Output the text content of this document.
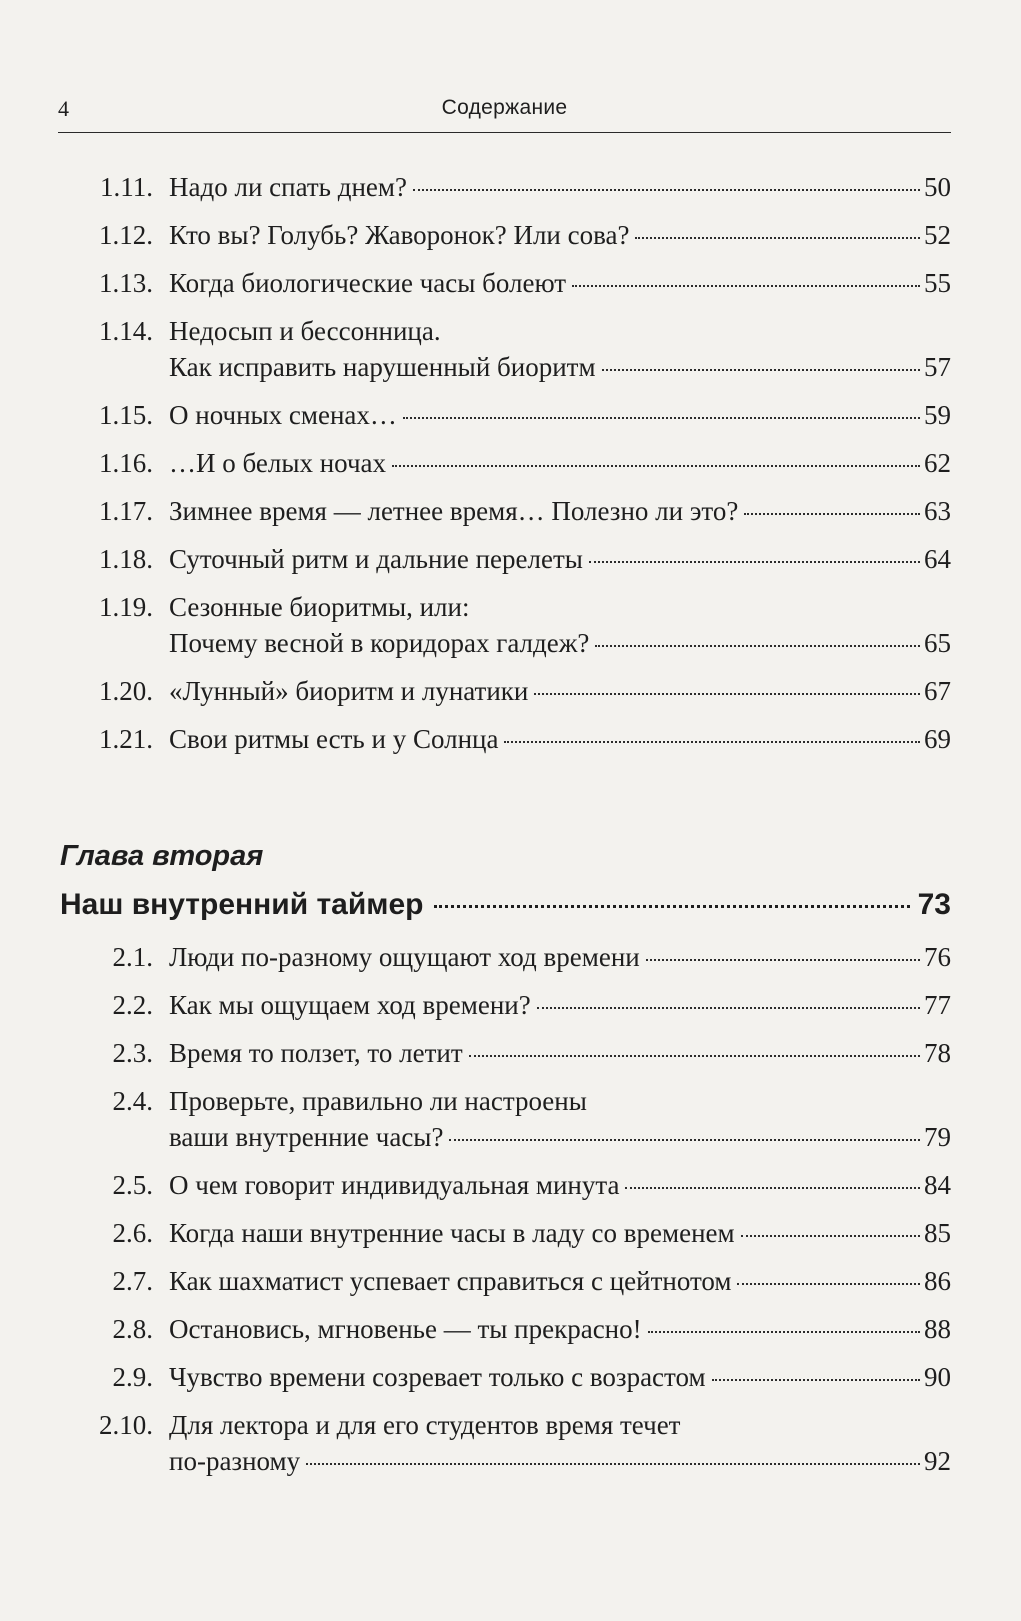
4	Содержание
1.11. Надо ли спать днем?	50
1.12. Кто вы? Голубь? Жаворонок? Или сова?	52
1.13. Когда биологические часы болеют	55
1.14. Недосып и бессонница.
Как исправить нарушенный биоритм	57
1.15. О ночных сменах…	59
1.16. …И о белых ночах	62
1.17. Зимнее время — летнее время… Полезно ли это?	63
1.18. Суточный ритм и дальние перелеты	64
1.19. Сезонные биоритмы, или:
Почему весной в коридорах галдеж?	65
1.20. «Лунный» биоритм и лунатики	67
1.21. Свои ритмы есть и у Солнца	69
Глава вторая
Наш внутренний таймер	73
2.1. Люди по-разному ощущают ход времени	76
2.2. Как мы ощущаем ход времени?	77
2.3. Время то ползет, то летит	78
2.4. Проверьте, правильно ли настроены
ваши внутренние часы?	79
2.5. О чем говорит индивидуальная минута	84
2.6. Когда наши внутренние часы в ладу со временем	85
2.7. Как шахматист успевает справиться с цейтнотом	86
2.8. Остановись, мгновенье — ты прекрасно!	88
2.9. Чувство времени созревает только с возрастом	90
2.10. Для лектора и для его студентов время течет
по-разному	92
